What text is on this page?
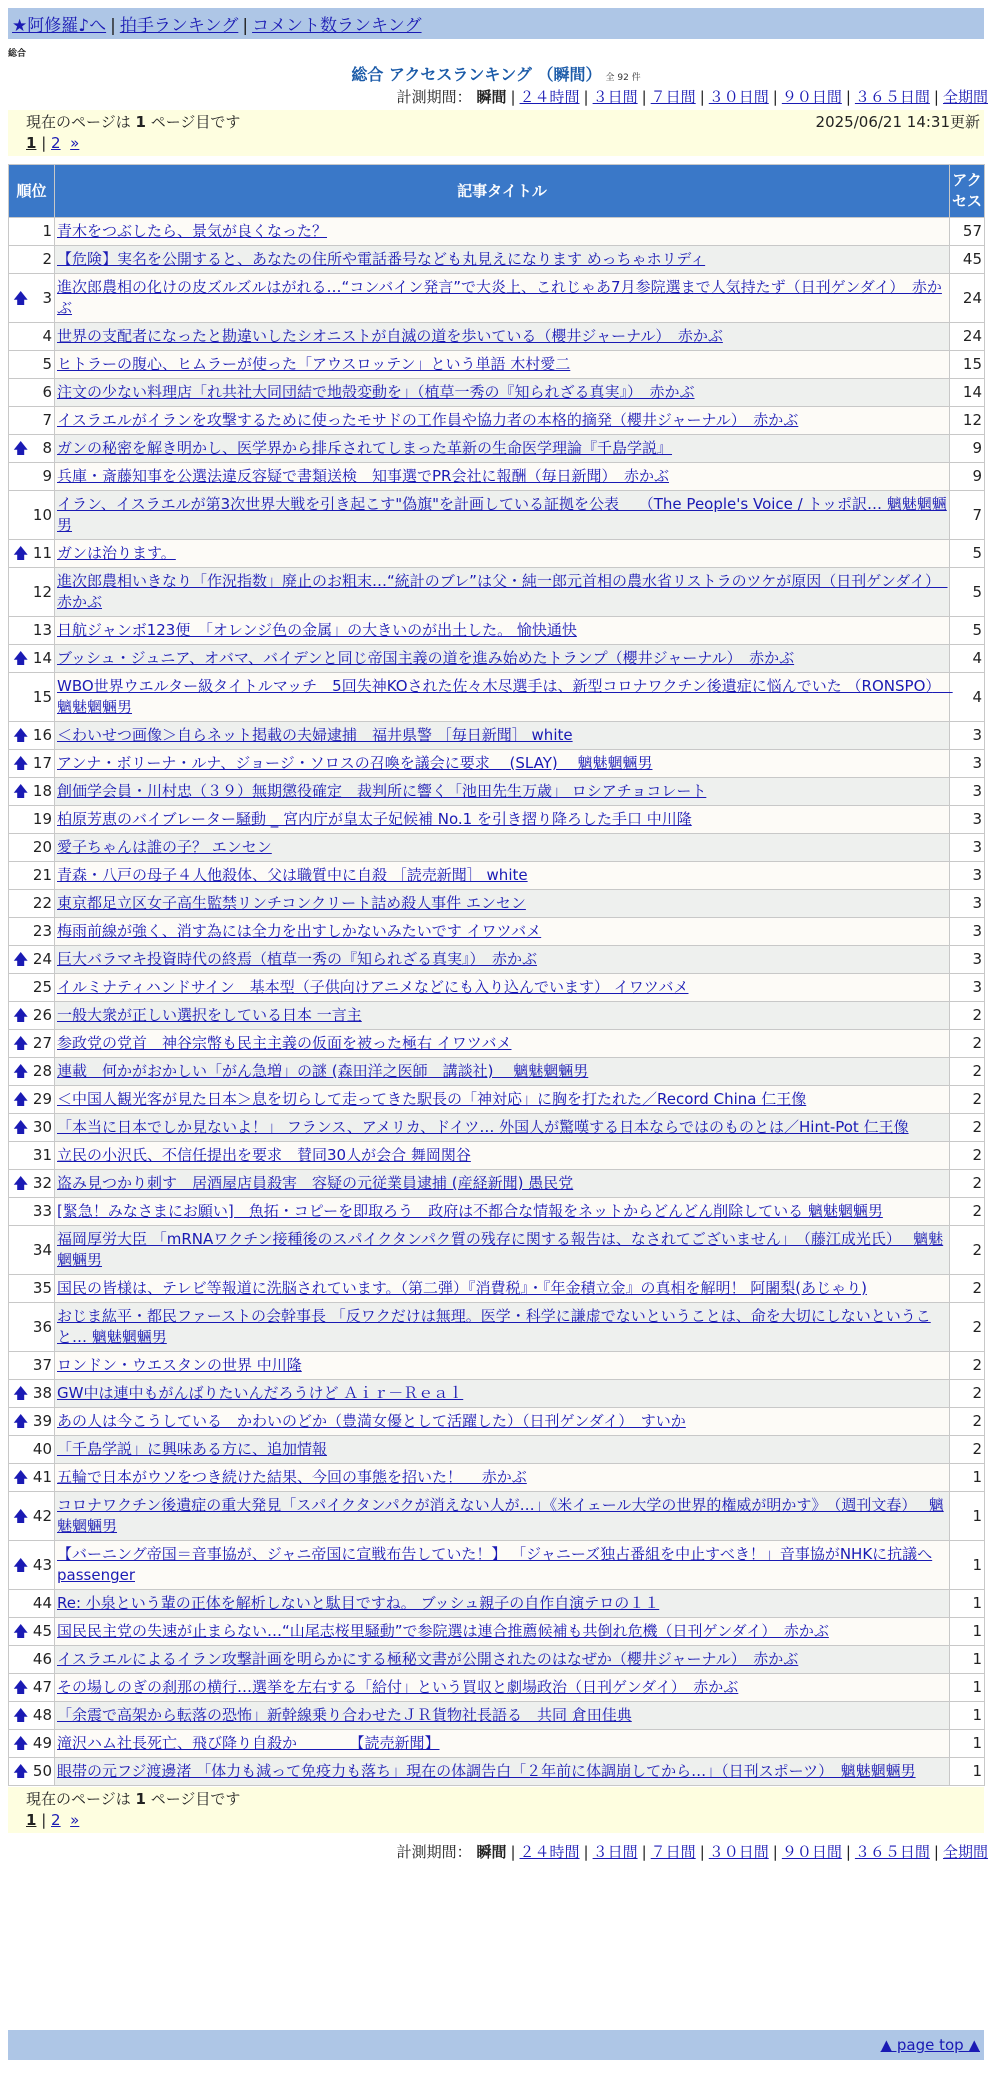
★阿修羅♪へ | 拍手ランキング | コメント数ランキング
総合
総合 アクセスランキング （瞬間） 全 92 件
計測期間： 瞬間 | ２４時間 | ３日間 | ７日間 | ３０日間 | ９０日間 | ３６５日間 | 全期間
現在のページは 1 ページ目です	2025/06/21 14:31更新
1 | 2 »
順位	記事タイトル	アクセス
1	青木をつぶしたら、景気が良くなった？	57
2	【危険】実名を公開すると、あなたの住所や電話番号なども丸見えになります めっちゃホリディ	45

🡅 3	進次郎農相の化けの皮ズルズルはがれる…“コンバイン発言”で大炎上、これじゃあ7月参院選まで人気持たず（日刊ゲンダイ）　赤かぶ	24
4	世界の支配者になったと勘違いしたシオニストが自滅の道を歩いている（櫻井ジャーナル）　赤かぶ	24
5	ヒトラーの腹心、ヒムラーが使った「アウスロッテン」という単語 木村愛二	15
6	注文の少ない料理店「れ共社大同団結で地殻変動を」（植草一秀の『知られざる真実』）　赤かぶ	14
7	イスラエルがイランを攻撃するために使ったモサドの工作員や協力者の本格的摘発（櫻井ジャーナル）　赤かぶ	12

🡅 8	ガンの秘密を解き明かし、医学界から排斥されてしまった革新の生命医学理論『千島学説』	9
9	兵庫・斎藤知事を公選法違反容疑で書類送検　知事選でPR会社に報酬（毎日新聞）　赤かぶ	9
10	イラン、イスラエルが第3次世界大戦を引き起こす"偽旗"を計画している証拠を公表　 （The People's Voice / トッポ訳… 魑魅魍魎男	7

🡅 11	ガンは治ります。	5
12	進次郎農相いきなり「作況指数」廃止のお粗末…“統計のブレ”は父・純一郎元首相の農水省リストラのツケが原因（日刊ゲンダイ）　赤かぶ	5
13	日航ジャンボ123便　「オレンジ色の金属」の大きいのが出土した。 愉快通快	5

🡅 14	ブッシュ・ジュニア、オバマ、バイデンと同じ帝国主義の道を進み始めたトランプ（櫻井ジャーナル）　赤かぶ	4
15	WBO世界ウエルター級タイトルマッチ　5回失神KOされた佐々木尽選手は、新型コロナワクチン後遺症に悩んでいた （RONSPO）　 魑魅魍魎男	4

🡅 16	＜わいせつ画像＞自らネット掲載の夫婦逮捕　福井県警 ［毎日新聞］ white	3

🡅 17	アンナ・ボリーナ・ルナ、ジョージ・ソロスの召喚を議会に要求 　(SLAY)　 魑魅魍魎男	3

🡅 18	創価学会員・川村忠（３９）無期懲役確定　裁判所に響く「池田先生万歳」 ロシアチョコレート	3
19	柏原芳恵のバイブレーター騒動 _ 宮内庁が皇太子妃候補 No.1 を引き摺り降ろした手口 中川隆	3
20	愛子ちゃんは誰の子？ エンセン	3
21	青森・八戸の母子４人他殺体、父は職質中に自殺 ［読売新聞］ white	3
22	東京都足立区女子高生監禁リンチコンクリート詰め殺人事件 エンセン	3
23	梅雨前線が強く、消す為には全力を出すしかないみたいです イワツバメ	3

🡅 24	巨大バラマキ投資時代の終焉（植草一秀の『知られざる真実』）　赤かぶ	3
25	イルミナティハンドサイン　基本型（子供向けアニメなどにも入り込んでいます） イワツバメ	3

🡅 26	一般大衆が正しい選択をしている日本 一言主	2

🡅 27	参政党の党首　神谷宗幣も民主主義の仮面を被った極右 イワツバメ	2

🡅 28	連載　何かがおかしい「がん急増」の謎 (森田洋之医師　講談社)　 魑魅魍魎男	2

🡅 29	＜中国人観光客が見た日本＞息を切らして走ってきた駅長の「神対応」に胸を打たれた／Record China 仁王像	2

🡅 30	「本当に日本でしか見ないよ！」 フランス、アメリカ、ドイツ… 外国人が驚嘆する日本ならではのものとは／Hint-Pot 仁王像	2
31	立民の小沢氏、不信任提出を要求　賛同30人が会合 舞岡関谷	2

🡅 32	盗み見つかり刺す　居酒屋店員殺害　容疑の元従業員逮捕 (産経新聞) 愚民党	2
33	[緊急！みなさまにお願い]　魚拓・コピーを即取ろう　政府は不都合な情報をネットからどんどん削除している 魑魅魍魎男	2
34	福岡厚労大臣 「mRNAワクチン接種後のスパイクタンパク質の残存に関する報告は、なされてございません」　（藤江成光氏）　 魑魅魍魎男	2
35	国民の皆様は、テレビ等報道に洗脳されています。（第二弾）『消費税』・『年金積立金』の真相を解明！ 阿闍梨(あじゃり)	2
36	おじま紘平・都民ファーストの会幹事長 「反ワクだけは無理。医学・科学に謙虚でないということは、命を大切にしないということ… 魑魅魍魎男	2
37	ロンドン・ウエスタンの世界 中川隆	2

🡅 38	GW中は連中もがんばりたいんだろうけど Ａｉｒ－Ｒｅａｌ	2

🡅 39	あの人は今こうしている　かわいのどか（豊満女優として活躍した）（日刊ゲンダイ）　すいか	2
40	「千島学説」に興味ある方に、追加情報	2

🡅 41	五輪で日本がウソをつき続けた結果、今回の事態を招いた！　 赤かぶ	1

🡅 42	コロナワクチン後遺症の重大発見「スパイクタンパクが消えない人が…」《米イェール大学の世界的権威が明かす》　（週刊文春）　 魑魅魍魎男	1

🡅 43	【バーニング帝国＝音事協が、ジャニ帝国に宣戦布告していた！】 「ジャニーズ独占番組を中止すべき！」音事協がNHKに抗議へ passenger	1
44	Re: 小泉という輩の正体を解析しないと駄目ですね。 ブッシュ親子の自作自演テロの１１	1

🡅 45	国民民主党の失速が止まらない…“山尾志桜里騒動”で参院選は連合推薦候補も共倒れ危機（日刊ゲンダイ）　赤かぶ	1
46	イスラエルによるイラン攻撃計画を明らかにする極秘文書が公開されたのはなぜか（櫻井ジャーナル）　赤かぶ	1

🡅 47	その場しのぎの刹那の横行…選挙を左右する「給付」という買収と劇場政治（日刊ゲンダイ）　赤かぶ	1

🡅 48	「余震で高架から転落の恐怖」新幹線乗り合わせたＪＲ貨物社長語る　共同 倉田佳典	1

🡅 49	滝沢ハム社長死亡、飛び降り自殺か　　　　【読売新聞】	1

🡅 50	眼帯の元フジ渡邊渚 「体力も減って免疫力も落ち」現在の体調告白「２年前に体調崩してから…」（日刊スポーツ）　魑魅魍魎男	1
現在のページは 1 ページ目です
1 | 2 »
計測期間： 瞬間 | ２４時間 | ３日間 | ７日間 | ３０日間 | ９０日間 | ３６５日間 | 全期間
▲ page top ▲
